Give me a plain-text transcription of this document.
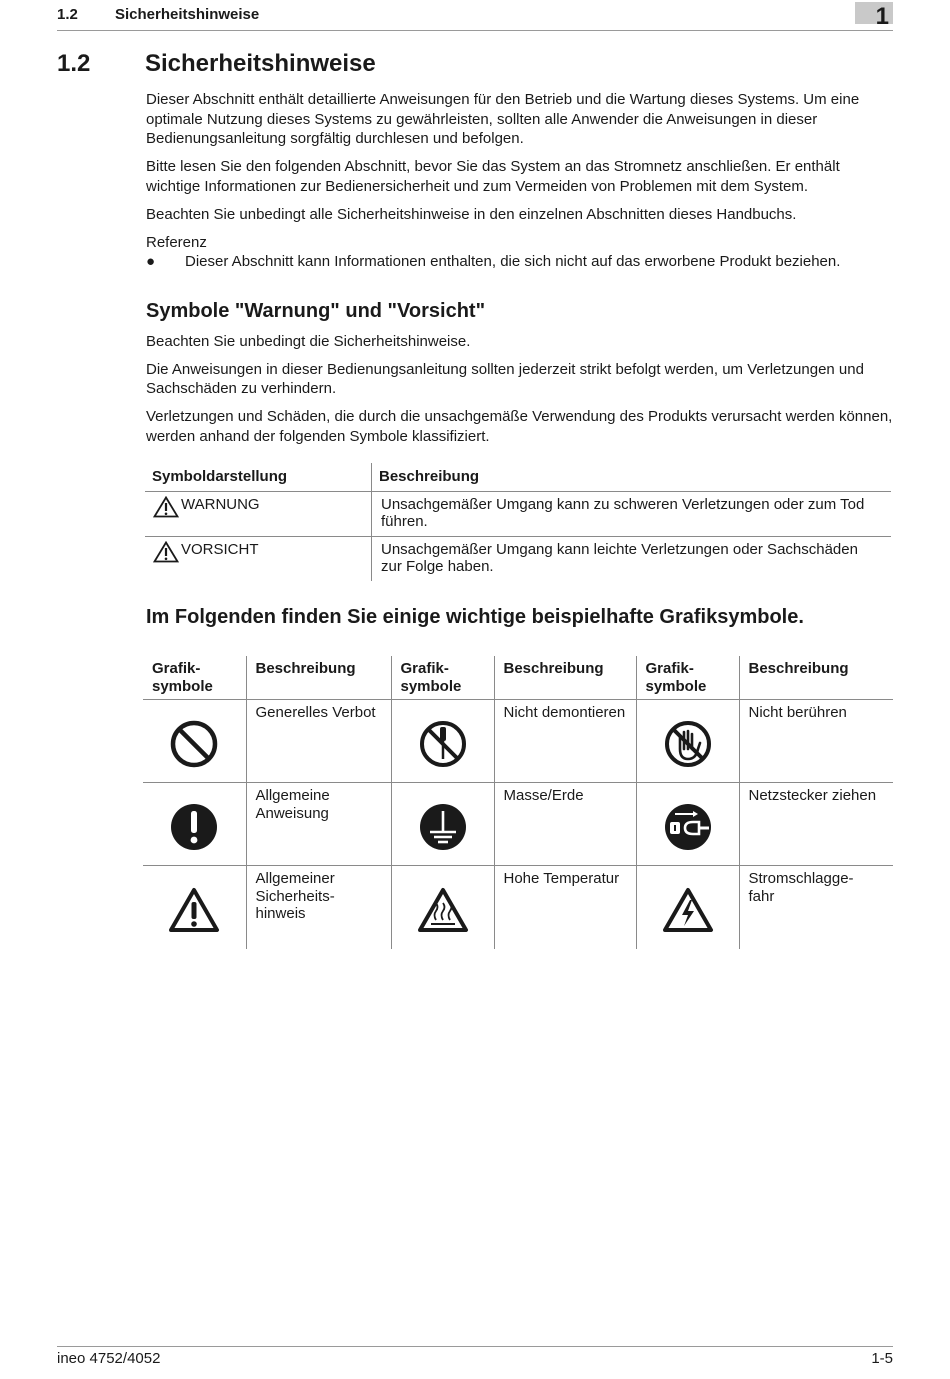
1.2 Sicherheitshinweise	1
1.2 Sicherheitshinweise

Dieser Abschnitt enthält detaillierte Anweisungen für den Betrieb und die Wartung dieses Systems. Um eine optimale Nutzung dieses Systems zu gewährleisten, sollten alle Anwender die Anweisungen in dieser Bedienungsanleitung sorgfältig durchlesen und befolgen.

Bitte lesen Sie den folgenden Abschnitt, bevor Sie das System an das Stromnetz anschließen. Er enthält wichtige Informationen zur Bedienersicherheit und zum Vermeiden von Problemen mit dem System.

Beachten Sie unbedingt alle Sicherheitshinweise in den einzelnen Abschnitten dieses Handbuchs.

Referenz

● Dieser Abschnitt kann Informationen enthalten, die sich nicht auf das erworbene Produkt beziehen.

Symbole "Warnung" und "Vorsicht"

Beachten Sie unbedingt die Sicherheitshinweise.

Die Anweisungen in dieser Bedienungsanleitung sollten jederzeit strikt befolgt werden, um Verletzungen und Sachschäden zu verhindern.

Verletzungen und Schäden, die durch die unsachgemäße Verwendung des Produkts verursacht werden können, werden anhand der folgenden Symbole klassifiziert.

Symboldarstellung	Beschreibung

WARNUNG	Unsachgemäßer Umgang kann zu schweren Verletzungen oder zum Tod führen.

VORSICHT	Unsachgemäßer Umgang kann leichte Verletzungen oder Sachschäden zur Folge haben.
Im Folgenden finden Sie einige wichtige beispielhafte Grafiksymbole.
Grafik-
symbole	Beschreibung	Grafik-
symbole	Beschreibung	Grafik-
symbole	Beschreibung
	Generelles Verbot		Nicht demontieren		Nicht berühren
	Allgemeine Anweisung		Masse/Erde		Netzstecker ziehen
	Allgemeiner Sicherheits-
hinweis		Hohe Temperatur		Stromschlagge-
fahr
ineo 4752/4052	1-5
